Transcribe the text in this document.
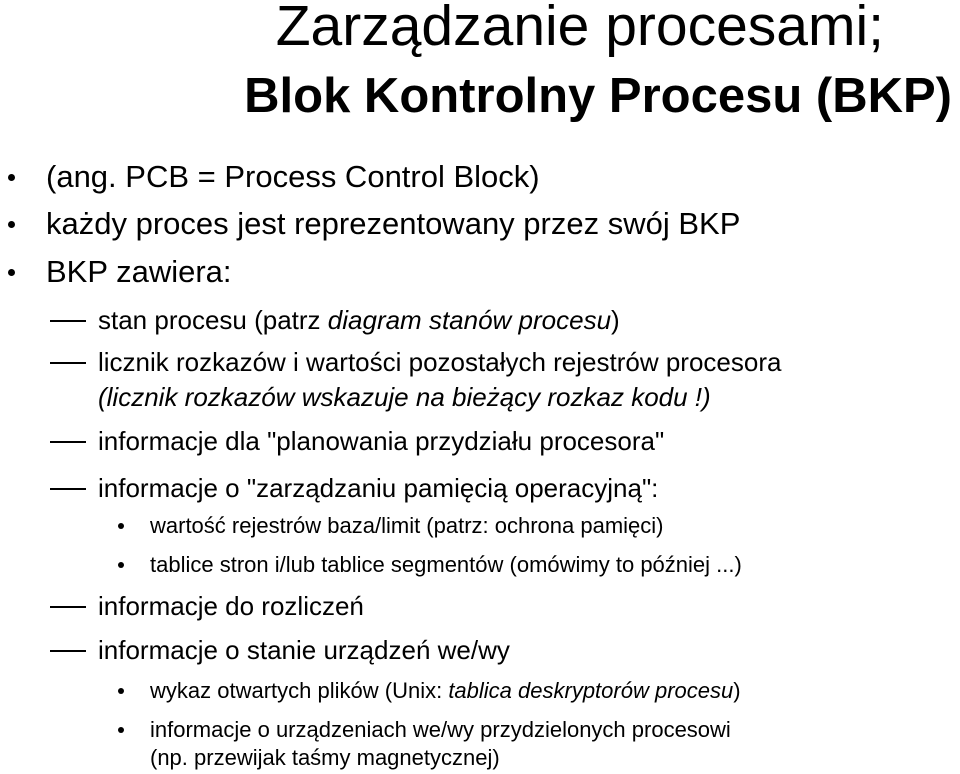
Zarządzanie procesami;
Blok Kontrolny Procesu (BKP)
(ang. PCB = Process Control Block)
każdy proces jest reprezentowany przez swój BKP
BKP zawiera:
stan procesu (patrz diagram stanów procesu)
licznik rozkazów i wartości pozostałych rejestrów procesora
(licznik rozkazów wskazuje na bieżący rozkaz kodu !)
informacje dla "planowania przydziału procesora"
informacje o "zarządzaniu pamięcią operacyjną":
wartość rejestrów baza/limit (patrz: ochrona pamięci)
tablice stron i/lub tablice segmentów (omówimy to później ...)
informacje do rozliczeń
informacje o stanie urządzeń we/wy
wykaz otwartych plików (Unix: tablica deskryptorów procesu)
informacje o urządzeniach we/wy przydzielonych procesowi
(np. przewijak taśmy magnetycznej)
